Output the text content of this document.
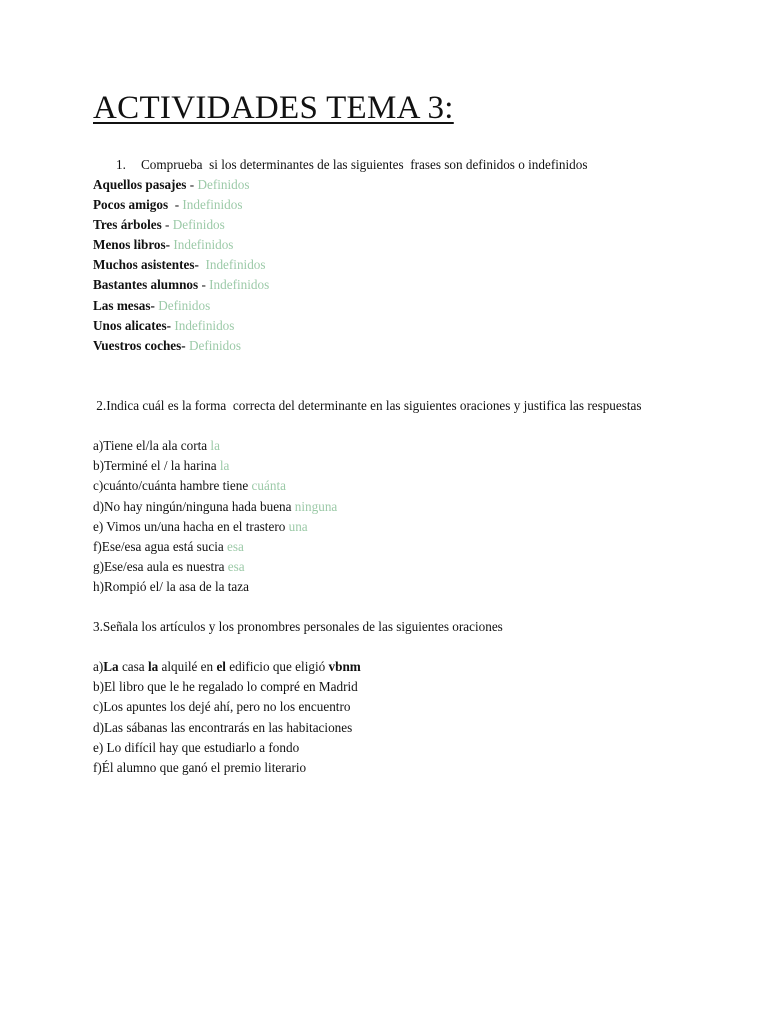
ACTIVIDADES TEMA 3:
1. Comprueba  si los determinantes de las siguientes  frases son definidos o indefinidos
Aquellos pasajes - Definidos
Pocos amigos  - Indefinidos
Tres árboles - Definidos
Menos libros- Indefinidos
Muchos asistentes- Indefinidos
Bastantes alumnos - Indefinidos
Las mesas- Definidos
Unos alicates- Indefinidos
Vuestros coches- Definidos
2.Indica cuál es la forma  correcta del determinante en las siguientes oraciones y justifica las respuestas
a)Tiene el/la ala corta la
b)Terminé el / la harina la
c)cuánto/cuánta hambre tiene cuánta
d)No hay ningún/ninguna hada buena ninguna
e) Vimos un/una hacha en el trastero una
f)Ese/esa agua está sucia esa
g)Ese/esa aula es nuestra esa
h)Rompió el/ la asa de la taza
3.Señala los artículos y los pronombres personales de las siguientes oraciones
a)La casa la alquilé en el edificio que eligió vbnm
b)El libro que le he regalado lo compré en Madrid
c)Los apuntes los dejé ahí, pero no los encuentro
d)Las sábanas las encontrarás en las habitaciones
e) Lo difícil hay que estudiarlo a fondo
f)Él alumno que ganó el premio literario
